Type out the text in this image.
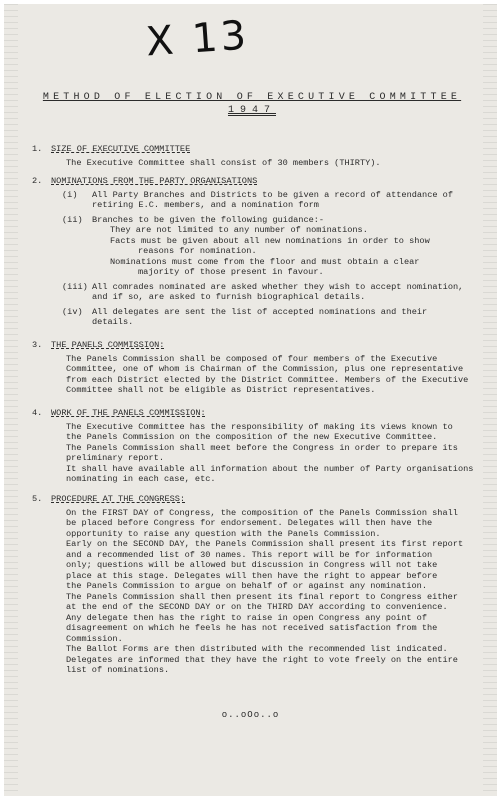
X 13
METHOD OF ELECTION OF EXECUTIVE COMMITTEE
1947
1. SIZE OF EXECUTIVE COMMITTEE
The Executive Committee shall consist of 30 members (THIRTY).
2. NOMINATIONS FROM THE PARTY ORGANISATIONS
(i)	All Party Branches and Districts to be given a record of attendance of
retiring E.C. members, and a nomination form
(ii)	Branches to be given the following guidance:-
They are not limited to any number of nominations.
Facts must be given about all new nominations in order to show
reasons for nomination.
Nominations must come from the floor and must obtain a clear
majority of those present in favour.
(iii) All comrades nominated are asked whether they wish to accept nomination,
and if so, are asked to furnish biographical details.
(iv)	All delegates are sent the list of accepted nominations and their
details.
3. THE PANELS COMMISSION:
The Panels Commission shall be composed of four members of the Executive
Committee, one of whom is Chairman of the Commission, plus one representative
from each District elected by the District Committee. Members of the Executive
Committee shall not be eligible as District representatives.
4. WORK OF THE PANELS COMMISSION:
The Executive Committee has the responsibility of making its views known to
the Panels Commission on the composition of the new Executive Committee.
The Panels Commission shall meet before the Congress in order to prepare its
preliminary report.
It shall have available all information about the number of Party organisations
nominating in each case, etc.
5. PROCEDURE AT THE CONGRESS:
On the FIRST DAY of Congress, the composition of the Panels Commission shall
be placed before Congress for endorsement. Delegates will then have the
opportunity to raise any question with the Panels Commission.
Early on the SECOND DAY, the Panels Commission shall present its first report
and a recommended list of 30 names. This report will be for information
only; questions will be allowed but discussion in Congress will not take
place at this stage. Delegates will then have the right to appear before
the Panels Commission to argue on behalf of or against any nomination.
The Panels Commission shall then present its final report to Congress either
at the end of the SECOND DAY or on the THIRD DAY according to convenience.
Any delegate then has the right to raise in open Congress any point of
disagreement on which he feels he has not received satisfaction from the
Commission.
The Ballot Forms are then distributed with the recommended list indicated.
Delegates are informed that they have the right to vote freely on the entire
list of nominations.
o..oOo..o
